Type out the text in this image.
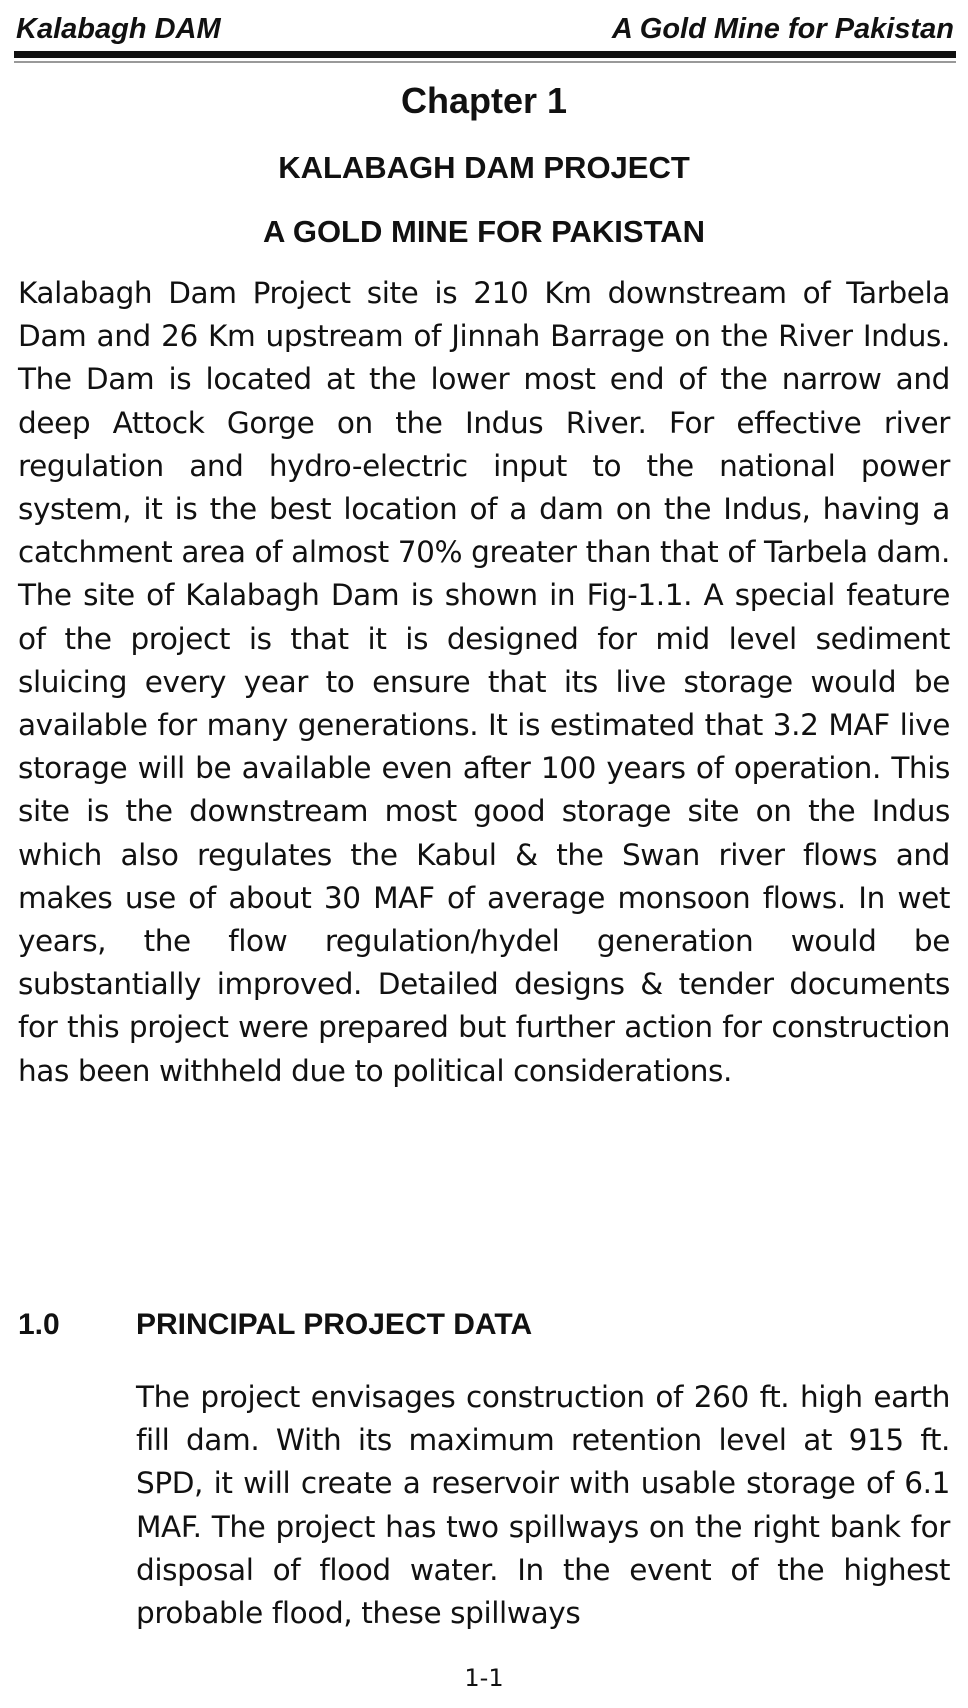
Kalabagh DAM	A Gold Mine for Pakistan
Chapter 1
KALABAGH DAM PROJECT
A GOLD MINE FOR PAKISTAN

Kalabagh Dam Project site is 210 Km downstream of Tarbela Dam and 26 Km upstream of Jinnah Barrage on the River Indus. The Dam is located at the lower most end of the narrow and deep Attock Gorge on the Indus River. For effective river regulation and hydro-electric input to the national power system, it is the best location of a dam on the Indus, having a catchment area of almost 70% greater than that of Tarbela dam. The site of Kalabagh Dam is shown in Fig-1.1. A special feature of the project is that it is designed for mid level sediment sluicing every year to ensure that its live storage would be available for many generations. It is estimated that 3.2 MAF live storage will be available even after 100 years of operation. This site is the downstream most good storage site on the Indus which also regulates the Kabul & the Swan river flows and makes use of about 30 MAF of average monsoon flows. In wet years, the flow regulation/hydel generation would be substantially improved. Detailed designs & tender documents for this project were prepared but further action for construction has been withheld due to political considerations.

1.0	PRINCIPAL PROJECT DATA

The project envisages construction of 260 ft. high earth fill dam. With its maximum retention level at 915 ft. SPD, it will create a reservoir with usable storage of 6.1 MAF. The project has two spillways on the right bank for disposal of flood water. In the event of the highest probable flood, these spillways

1-1
